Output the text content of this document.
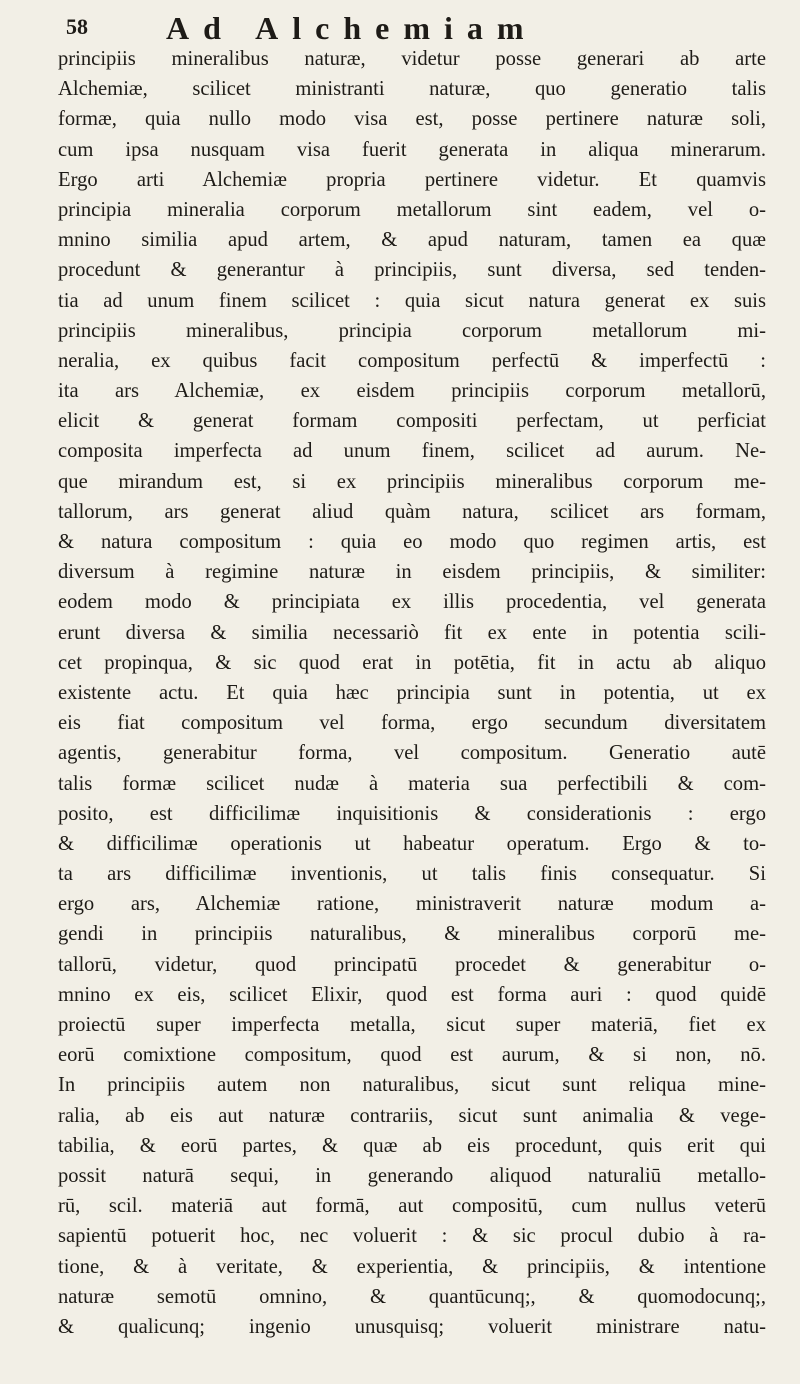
58 Ad Alchemiam
principiis mineralibus naturæ, videtur posse generari ab arte
Alchemiæ, scilicet ministranti naturæ, quo generatio talis
formæ, quia nullo modo visa est, posse pertinere naturæ soli,
cum ipsa nusquam visa fuerit generata in aliqua minerarum.
Ergo arti Alchemiæ propria pertinere videtur. Et quamvis
principia mineralia corporum metallorum sint eadem, vel o-
mnino similia apud artem, & apud naturam, tamen ea quæ
procedunt & generantur à principiis, sunt diversa, sed tenden-
tia ad unum finem scilicet : quia sicut natura generat ex suis
principiis mineralibus, principia corporum metallorum mi-
neralia, ex quibus facit compositum perfectū & imperfectū :
ita ars Alchemiæ, ex eisdem principiis corporum metallorū,
elicit & generat formam compositi perfectam, ut perficiat
composita imperfecta ad unum finem, scilicet ad aurum. Ne-
que mirandum est, si ex principiis mineralibus corporum me-
tallorum, ars generat aliud quàm natura, scilicet ars formam,
& natura compositum : quia eo modo quo regimen artis, est
diversum à regimine naturæ in eisdem principiis, & similiter:
eodem modo & principiata ex illis procedentia, vel generata
erunt diversa & similia necessariò fit ex ente in potentia scili-
cet propinqua, & sic quod erat in potētia, fit in actu ab aliquo
existente actu. Et quia hæc principia sunt in potentia, ut ex
eis fiat compositum vel forma, ergo secundum diversitatem
agentis, generabitur forma, vel compositum. Generatio autē
talis formæ scilicet nudæ à materia sua perfectibili & com-
posito, est difficilimæ inquisitionis & considerationis : ergo
& difficilimæ operationis ut habeatur operatum. Ergo & to-
ta ars difficilimæ inventionis, ut talis finis consequatur. Si
ergo ars, Alchemiæ ratione, ministraverit naturæ modum a-
gendi in principiis naturalibus, & mineralibus corporū me-
tallorū, videtur, quod principatū procedet & generabitur o-
mnino ex eis, scilicet Elixir, quod est forma auri : quod quidē
proiectū super imperfecta metalla, sicut super materiā, fiet ex
eorū comixtione compositum, quod est aurum, & si non, nō.
In principiis autem non naturalibus, sicut sunt reliqua mine-
ralia, ab eis aut naturæ contrariis, sicut sunt animalia & vege-
tabilia, & eorū partes, & quæ ab eis procedunt, quis erit qui
possit naturā sequi, in generando aliquod naturaliū metallo-
rū, scil. materiā aut formā, aut compositū, cum nullus veterū
sapientū potuerit hoc, nec voluerit : & sic procul dubio à ra-
tione, & à veritate, & experientia, & principiis, & intentione
naturæ semotū omnino, & quantūcunq;, & quomodocunq;,
& qualicunq; ingenio unusquisq; voluerit ministrare natu-
